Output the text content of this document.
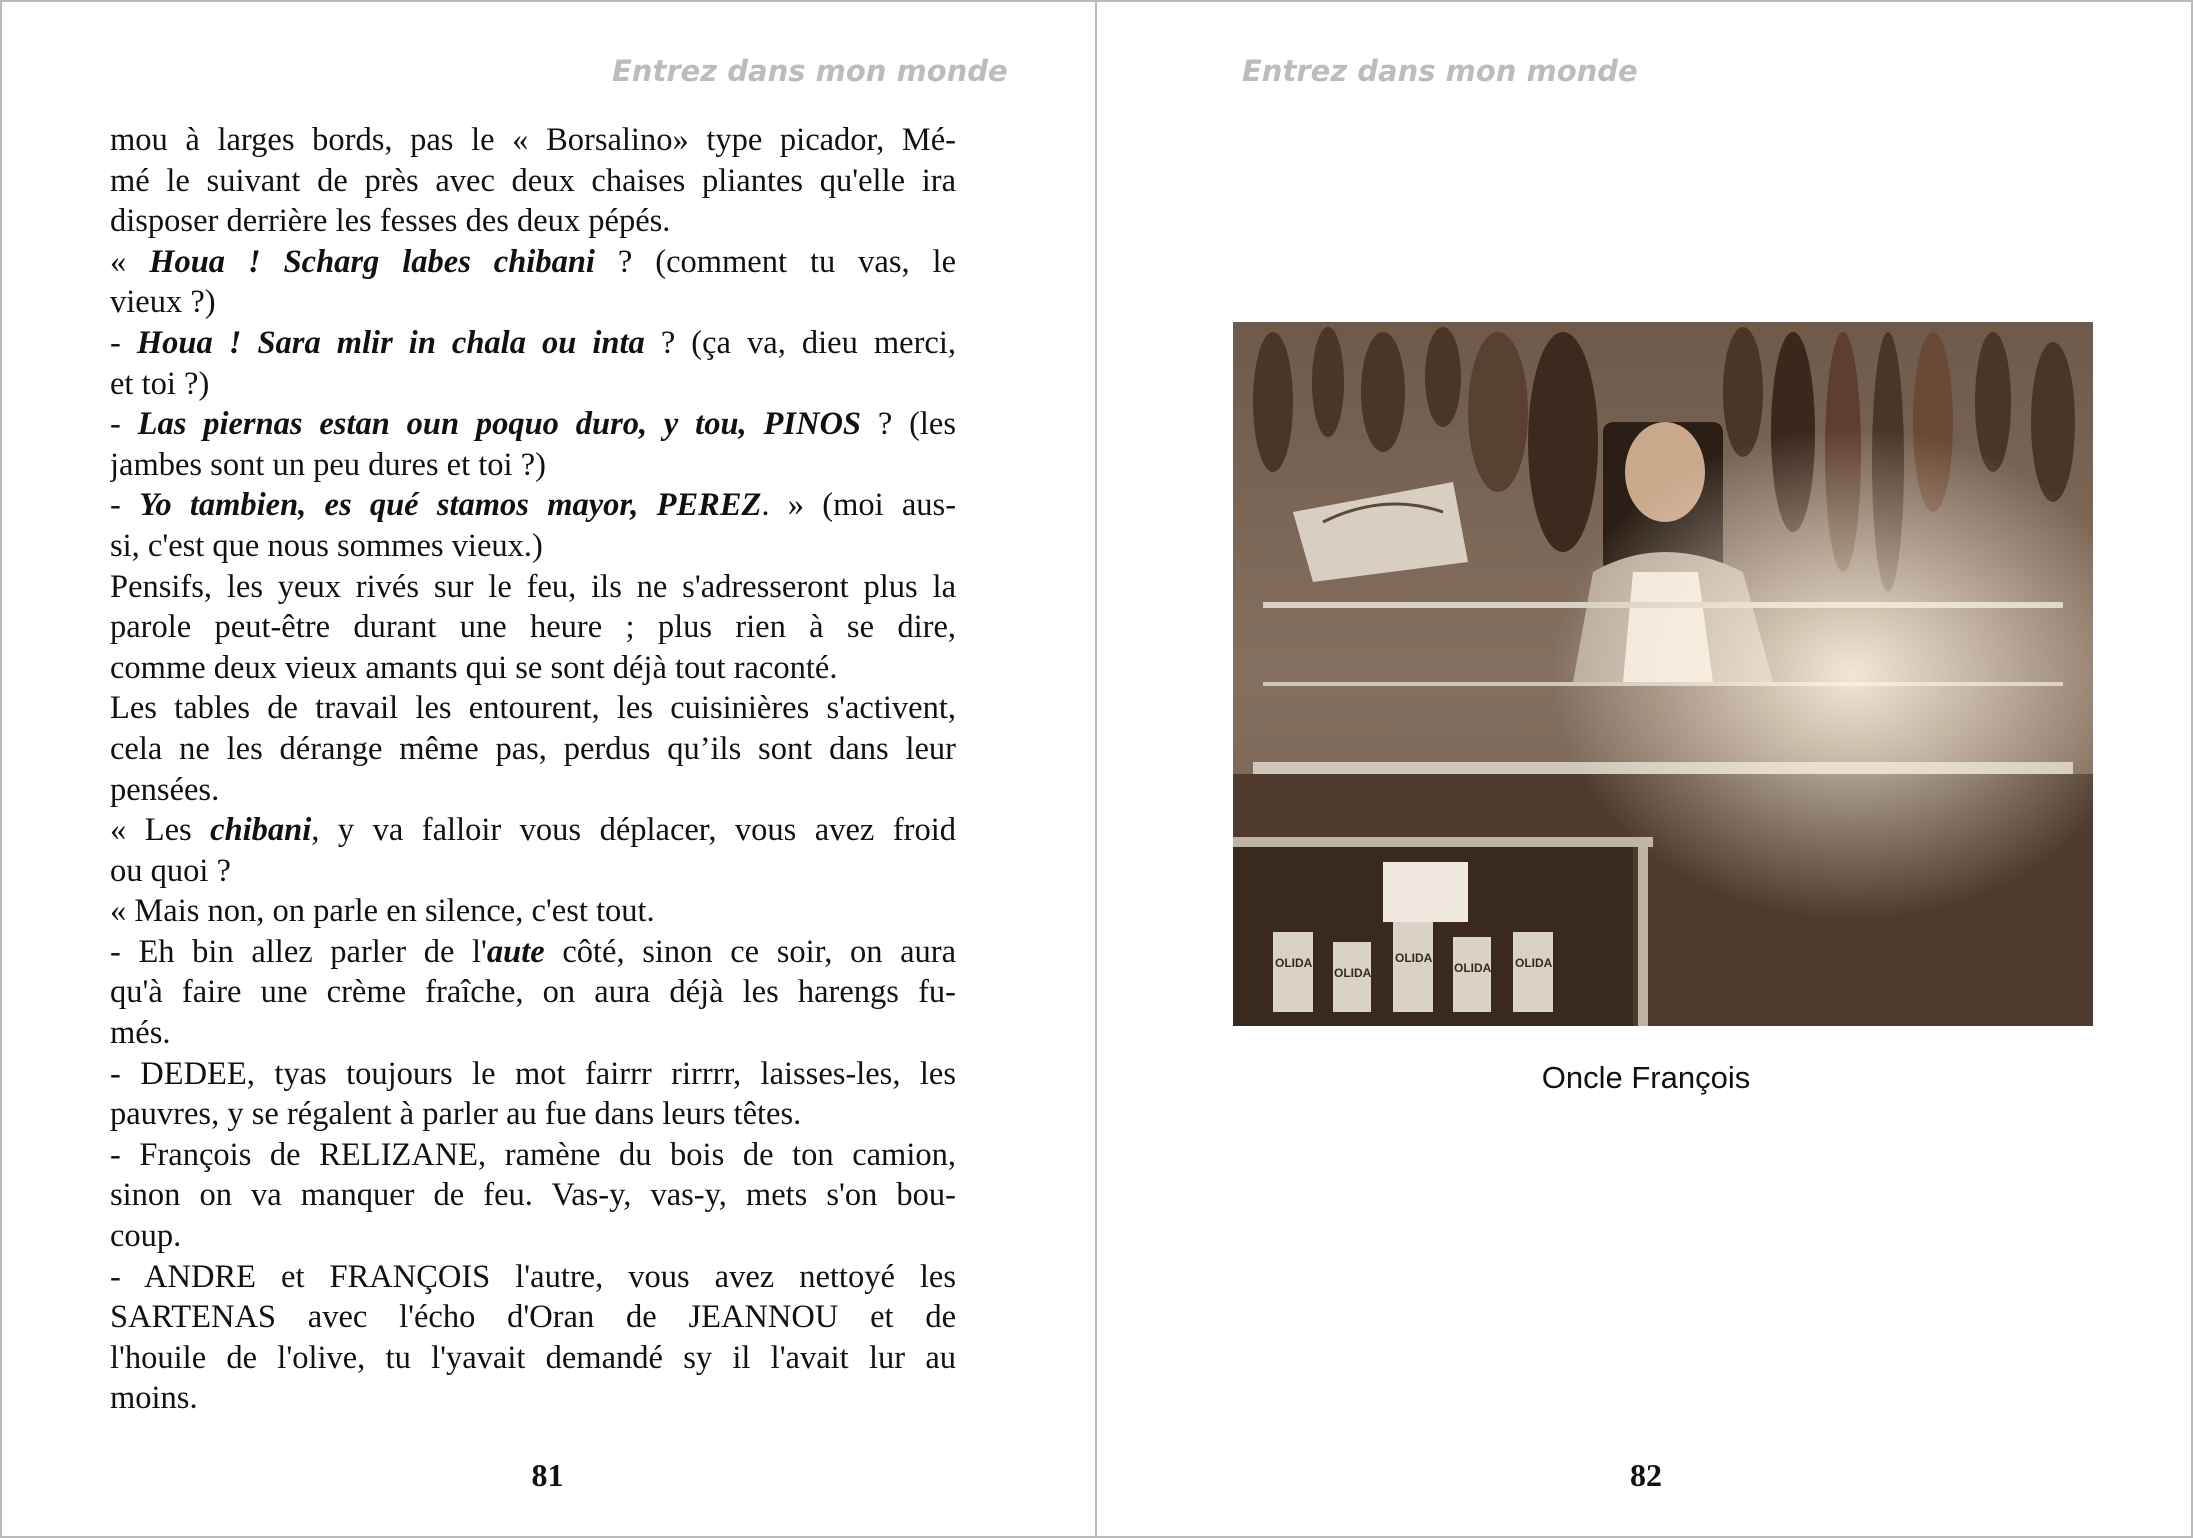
Entrez dans mon monde
mou à larges bords, pas le « Borsalino» type picador, Mé-
mé le suivant de près avec deux chaises pliantes qu'elle ira
disposer derrière les fesses des deux pépés.
« Houa ! Scharg labes chibani ? (comment tu vas, le
vieux ?)
- Houa ! Sara mlir in chala ou inta ? (ça va, dieu merci,
et toi ?)
- Las piernas estan oun poquo duro, y tou, PINOS ? (les
jambes sont un peu dures et toi ?)
- Yo tambien, es qué stamos mayor, PEREZ. » (moi aus-
si, c'est que nous sommes vieux.)
Pensifs, les yeux rivés sur le feu, ils ne s'adresseront plus la
parole peut-être durant une heure ; plus rien à se dire,
comme deux vieux amants qui se sont déjà tout raconté.
Les tables de travail les entourent, les cuisinières s'activent,
cela ne les dérange même pas, perdus qu’ils sont dans leur
pensées.
« Les chibani, y va falloir vous déplacer, vous avez froid
ou quoi ?
« Mais non, on parle en silence, c'est tout.
- Eh bin allez parler de l'aute côté, sinon ce soir, on aura
qu'à faire une crème fraîche, on aura déjà les harengs fu-
més.
- DEDEE, tyas toujours le mot fairrr rirrrr, laisses-les, les
pauvres, y se régalent à parler au fue dans leurs têtes.
- François de RELIZANE, ramène du bois de ton camion,
sinon on va manquer de feu. Vas-y, vas-y, mets s'on bou-
coup.
- ANDRE et FRANÇOIS l'autre, vous avez nettoyé les
SARTENAS avec l'écho d'Oran de JEANNOU et de
l'houile de l'olive, tu l'yavait demandé sy il l'avait lur au
moins.
81
Entrez dans mon monde
Oncle François
82
